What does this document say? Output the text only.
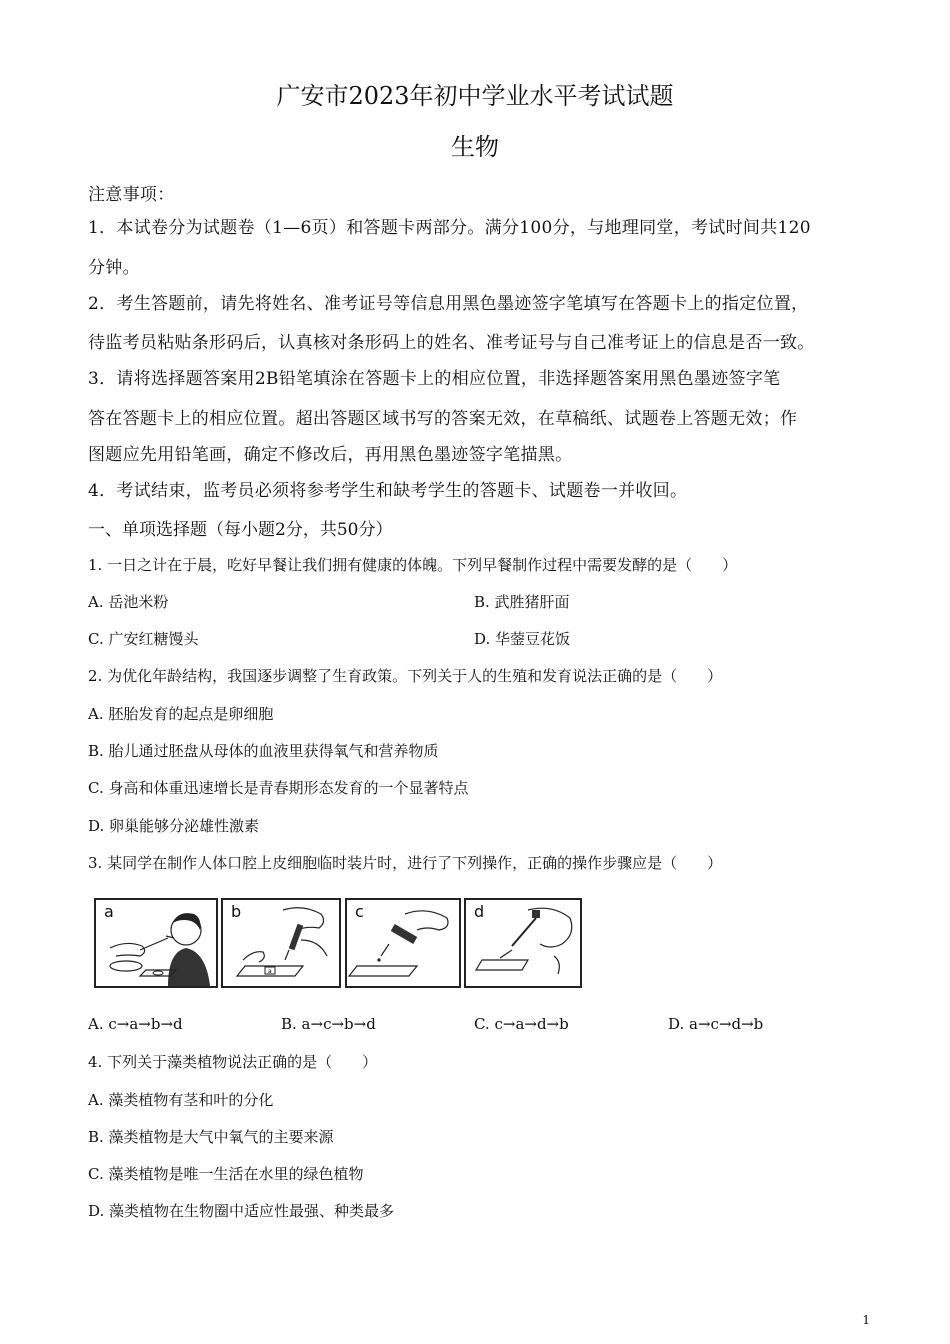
广安市2023年初中学业水平考试试题
生物
注意事项：
1．本试卷分为试题卷（1—6页）和答题卡两部分。满分100分，与地理同堂，考试时间共120
分钟。
2．考生答题前，请先将姓名、准考证号等信息用黑色墨迹签字笔填写在答题卡上的指定位置，
待监考员粘贴条形码后，认真核对条形码上的姓名、准考证号与自己准考证上的信息是否一致。
3．请将选择题答案用2B铅笔填涂在答题卡上的相应位置，非选择题答案用黑色墨迹签字笔
答在答题卡上的相应位置。超出答题区域书写的答案无效，在草稿纸、试题卷上答题无效；作
图题应先用铅笔画，确定不修改后，再用黑色墨迹签字笔描黑。
4．考试结束，监考员必须将参考学生和缺考学生的答题卡、试题卷一并收回。
一、单项选择题（每小题2分，共50分）
1. 一日之计在于晨，吃好早餐让我们拥有健康的体魄。下列早餐制作过程中需要发酵的是（　　）
A. 岳池米粉	B. 武胜猪肝面
C. 广安红糖馒头	D. 华蓥豆花饭
2. 为优化年龄结构，我国逐步调整了生育政策。下列关于人的生殖和发育说法正确的是（　　）
A. 胚胎发育的起点是卵细胞
B. 胎儿通过胚盘从母体的血液里获得氧气和营养物质
C. 身高和体重迅速增长是青春期形态发育的一个显著特点
D. 卵巢能够分泌雄性激素
3. 某同学在制作人体口腔上皮细胞临时装片时，进行了下列操作，正确的操作步骤应是（　　）
a	b
a
c	d
A. c→a→b→d	B. a→c→b→d	C. c→a→d→b	D. a→c→d→b
4. 下列关于藻类植物说法正确的是（　　）
A. 藻类植物有茎和叶的分化
B. 藻类植物是大气中氧气的主要来源
C. 藻类植物是唯一生活在水里的绿色植物
D. 藻类植物在生物圈中适应性最强、种类最多
1
